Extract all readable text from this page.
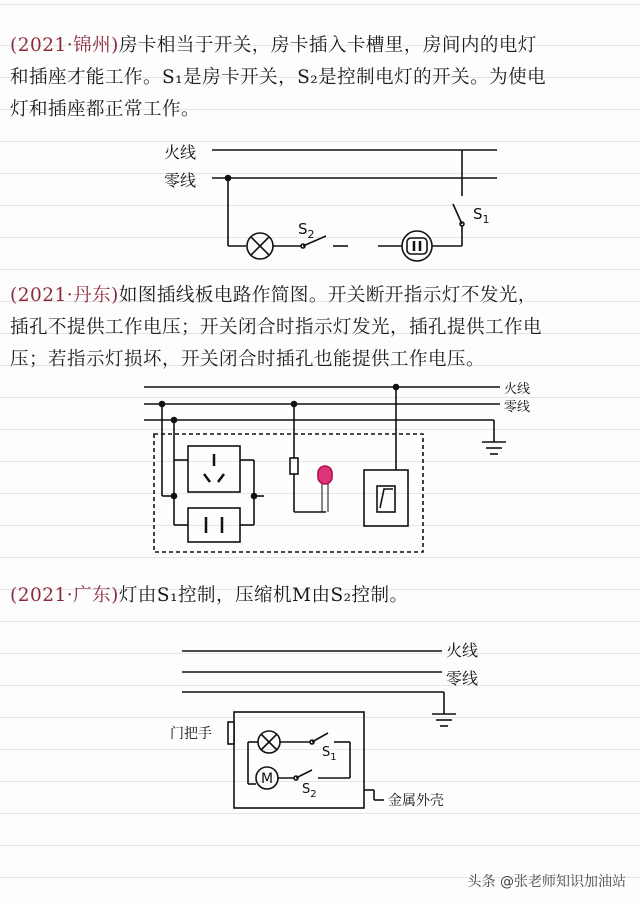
(2021·锦州)房卡相当于开关，房卡插入卡槽里，房间内的电灯
和插座才能工作。S₁是房卡开关，S₂是控制电灯的开关。为使电
灯和插座都正常工作。
(2021·丹东)如图插线板电路作简图。开关断开指示灯不发光，
插孔不提供工作电压；开关闭合时指示灯发光，插孔提供工作电
压；若指示灯损坏，开关闭合时插孔也能提供工作电压。
(2021·广东)灯由S₁控制，压缩机M由S₂控制。
火线
零线
$S_2$
$S_1$
火线
零线
火线
零线
门把手
金属外壳
M
$S_1$
$S_2$
头条 @张老师知识加油站
